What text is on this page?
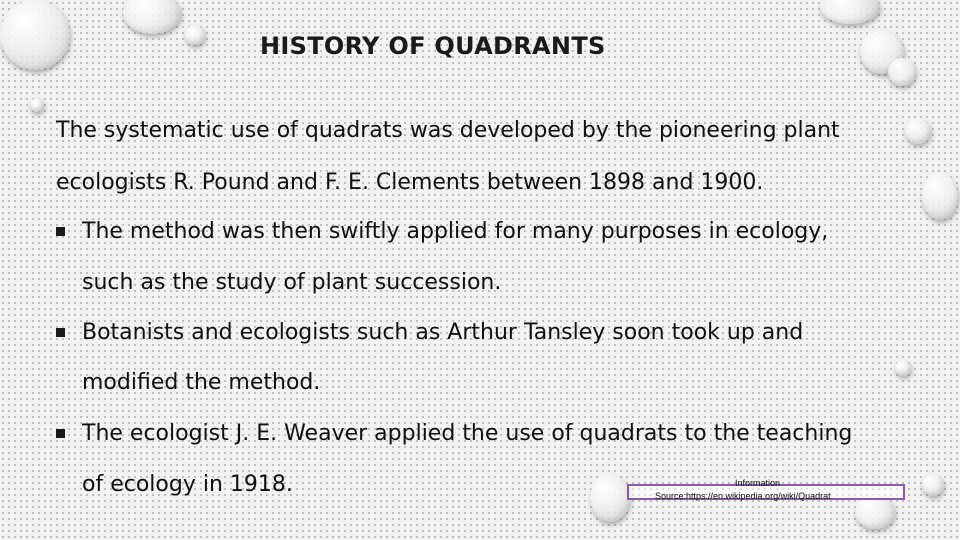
HISTORY OF QUADRANTS

The systematic use of quadrats was developed by the pioneering plant

ecologists R. Pound and F. E. Clements between 1898 and 1900.

The method was then swiftly applied for many purposes in ecology,

such as the study of plant succession.

Botanists and ecologists such as Arthur Tansley soon took up and

modified the method.

The ecologist J. E. Weaver applied the use of quadrats to the teaching

of ecology in 1918.	Information
Source:https://en.wikipedia.org/wiki/Quadrat
